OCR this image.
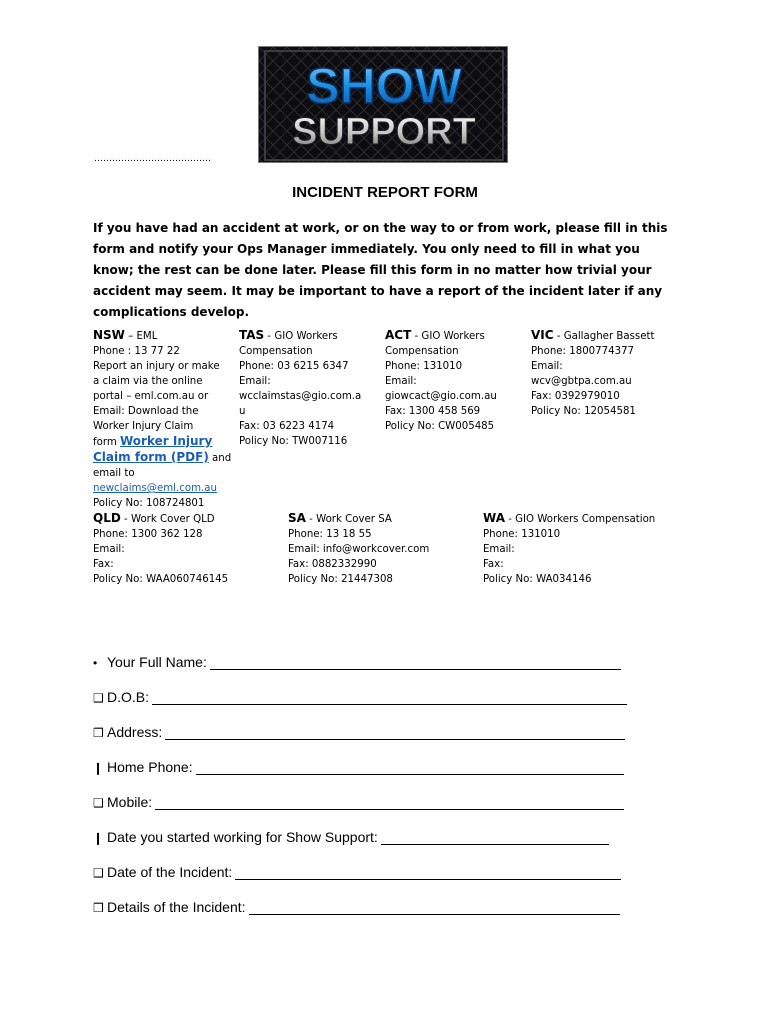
SHOW
SUPPORT
…………………………………
INCIDENT REPORT FORM
If you have had an accident at work, or on the way to or from work, please fill in this form and notify your Ops Manager immediately. You only need to fill in what you know; the rest can be done later. Please fill this form in no matter how trivial your accident may seem. It may be important to have a report of the incident later if any complications develop.
NSW – EML
Phone : 13 77 22
Report an injury or make
a claim via the online
portal – eml.com.au or
Email: Download the
Worker Injury Claim
form Worker Injury
Claim form (PDF) and
email to
newclaims@eml.com.au
Policy No: 108724801
TAS - GIO Workers
Compensation
Phone: 03 6215 6347
Email:
wcclaimstas@gio.com.a
u
Fax: 03 6223 4174
Policy No: TW007116
ACT - GIO Workers
Compensation
Phone: 131010
Email:
giowcact@gio.com.au
Fax: 1300 458 569
Policy No: CW005485
VIC - Gallagher Bassett
Phone: 1800774377
Email:
wcv@gbtpa.com.au
Fax: 0392979010
Policy No: 12054581
QLD - Work Cover QLD
Phone: 1300 362 128
Email:
Fax:
Policy No: WAA060746145
SA - Work Cover SA
Phone: 13 18 55
Email: info@workcover.com
Fax: 0882332990
Policy No: 21447308
WA - GIO Workers Compensation
Phone: 131010
Email:
Fax:
Policy No: WA034146
• Your Full Name:
❑ D.O.B:
❒ Address:
❙ Home Phone:
❑ Mobile:
❙ Date you started working for Show Support:
❑ Date of the Incident:
❒ Details of the Incident:
